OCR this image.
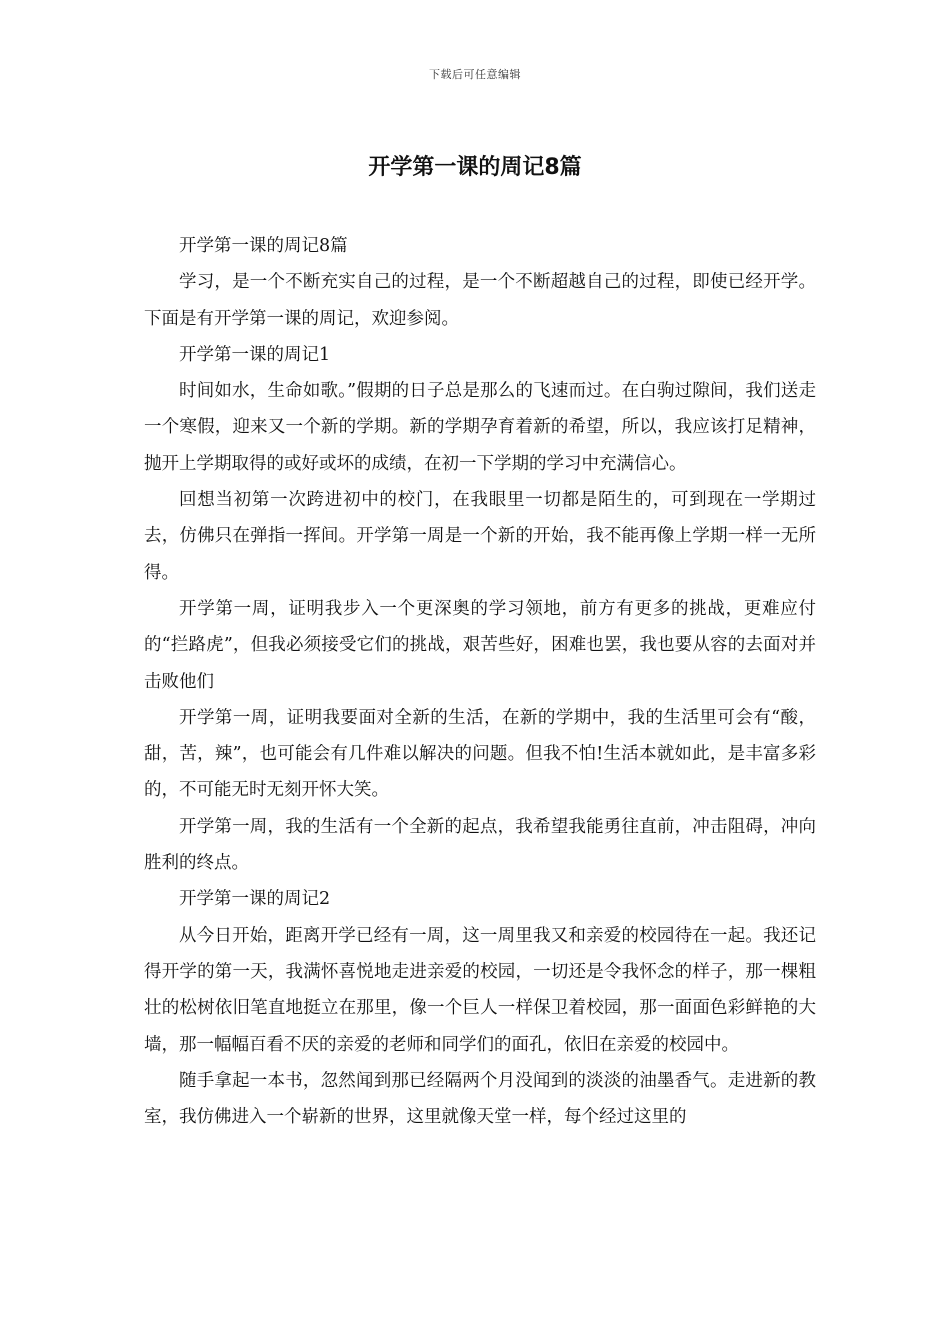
下载后可任意编辑
开学第一课的周记8篇

开学第一课的周记8篇

学习，是一个不断充实自己的过程，是一个不断超越自己的过程，即使已经开学。下面是有开学第一课的周记，欢迎参阅。

开学第一课的周记1

时间如水，生命如歌。”假期的日子总是那么的飞速而过。在白驹过隙间，我们送走一个寒假，迎来又一个新的学期。新的学期孕育着新的希望，所以，我应该打足精神，抛开上学期取得的或好或坏的成绩，在初一下学期的学习中充满信心。

回想当初第一次跨进初中的校门，在我眼里一切都是陌生的，可到现在一学期过去，仿佛只在弹指一挥间。开学第一周是一个新的开始，我不能再像上学期一样一无所得。

开学第一周，证明我步入一个更深奥的学习领地，前方有更多的挑战，更难应付的“拦路虎”，但我必须接受它们的挑战，艰苦些好，困难也罢，我也要从容的去面对并击败他们

开学第一周，证明我要面对全新的生活，在新的学期中，我的生活里可会有“酸，甜，苦，辣”，也可能会有几件难以解决的问题。但我不怕!生活本就如此，是丰富多彩的，不可能无时无刻开怀大笑。

开学第一周，我的生活有一个全新的起点，我希望我能勇往直前，冲击阻碍，冲向胜利的终点。

开学第一课的周记2

从今日开始，距离开学已经有一周，这一周里我又和亲爱的校园待在一起。我还记得开学的第一天，我满怀喜悦地走进亲爱的校园，一切还是令我怀念的样子，那一棵粗壮的松树依旧笔直地挺立在那里，像一个巨人一样保卫着校园，那一面面色彩鲜艳的大墙，那一幅幅百看不厌的亲爱的老师和同学们的面孔，依旧在亲爱的校园中。

随手拿起一本书，忽然闻到那已经隔两个月没闻到的淡淡的油墨香气。走进新的教室，我仿佛进入一个崭新的世界，这里就像天堂一样，每个经过这里的
